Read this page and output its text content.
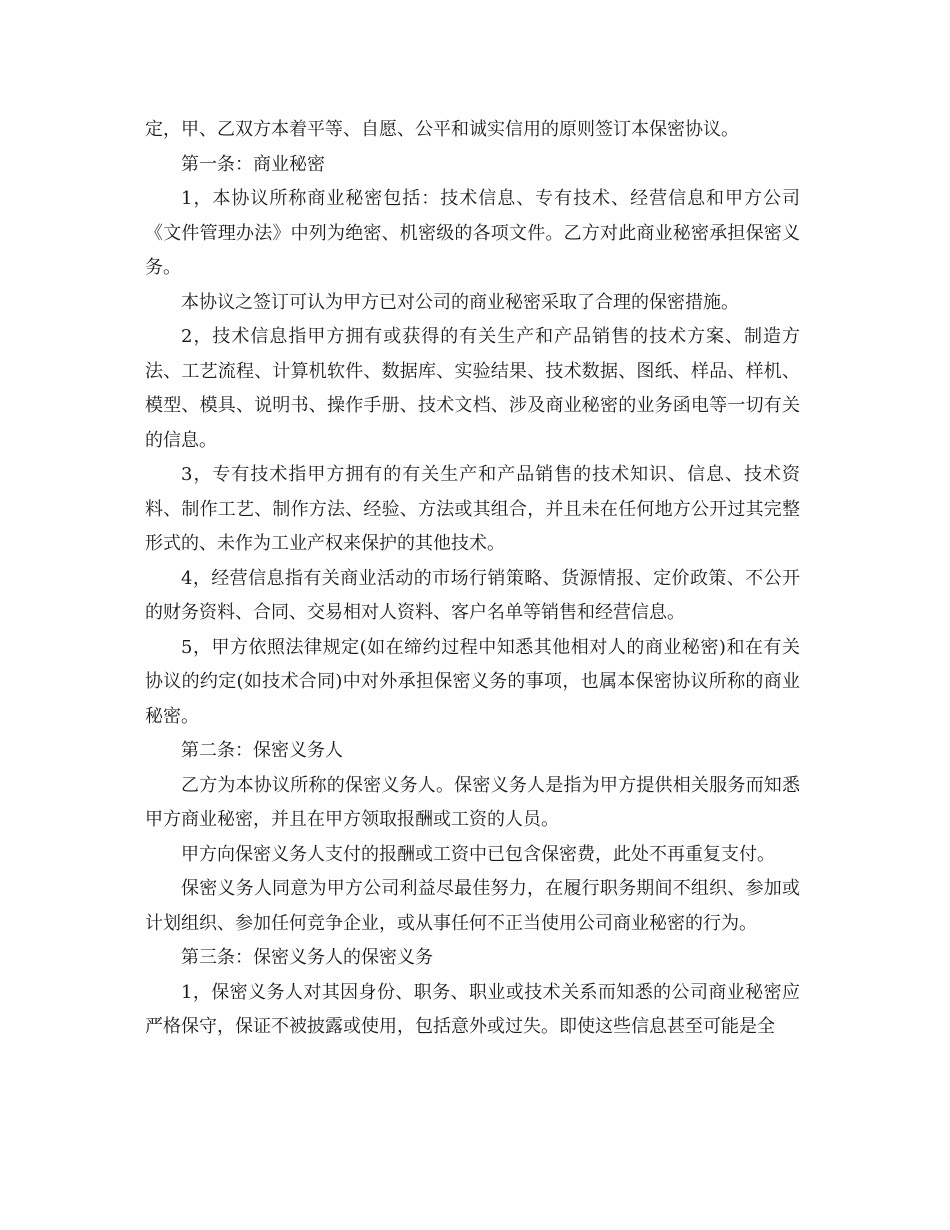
定，甲、乙双方本着平等、自愿、公平和诚实信用的原则签订本保密协议。

第一条：商业秘密

1，本协议所称商业秘密包括：技术信息、专有技术、经营信息和甲方公司《文件管理办法》中列为绝密、机密级的各项文件。乙方对此商业秘密承担保密义务。

本协议之签订可认为甲方已对公司的商业秘密采取了合理的保密措施。

2，技术信息指甲方拥有或获得的有关生产和产品销售的技术方案、制造方法、工艺流程、计算机软件、数据库、实验结果、技术数据、图纸、样品、样机、模型、模具、说明书、操作手册、技术文档、涉及商业秘密的业务函电等一切有关的信息。

3，专有技术指甲方拥有的有关生产和产品销售的技术知识、信息、技术资料、制作工艺、制作方法、经验、方法或其组合，并且未在任何地方公开过其完整形式的、未作为工业产权来保护的其他技术。

4，经营信息指有关商业活动的市场行销策略、货源情报、定价政策、不公开的财务资料、合同、交易相对人资料、客户名单等销售和经营信息。

5，甲方依照法律规定(如在缔约过程中知悉其他相对人的商业秘密)和在有关协议的约定(如技术合同)中对外承担保密义务的事项，也属本保密协议所称的商业秘密。

第二条：保密义务人

乙方为本协议所称的保密义务人。保密义务人是指为甲方提供相关服务而知悉甲方商业秘密，并且在甲方领取报酬或工资的人员。

甲方向保密义务人支付的报酬或工资中已包含保密费，此处不再重复支付。

保密义务人同意为甲方公司利益尽最佳努力，在履行职务期间不组织、参加或计划组织、参加任何竞争企业，或从事任何不正当使用公司商业秘密的行为。

第三条：保密义务人的保密义务

1，保密义务人对其因身份、职务、职业或技术关系而知悉的公司商业秘密应严格保守，保证不被披露或使用，包括意外或过失。即使这些信息甚至可能是全
